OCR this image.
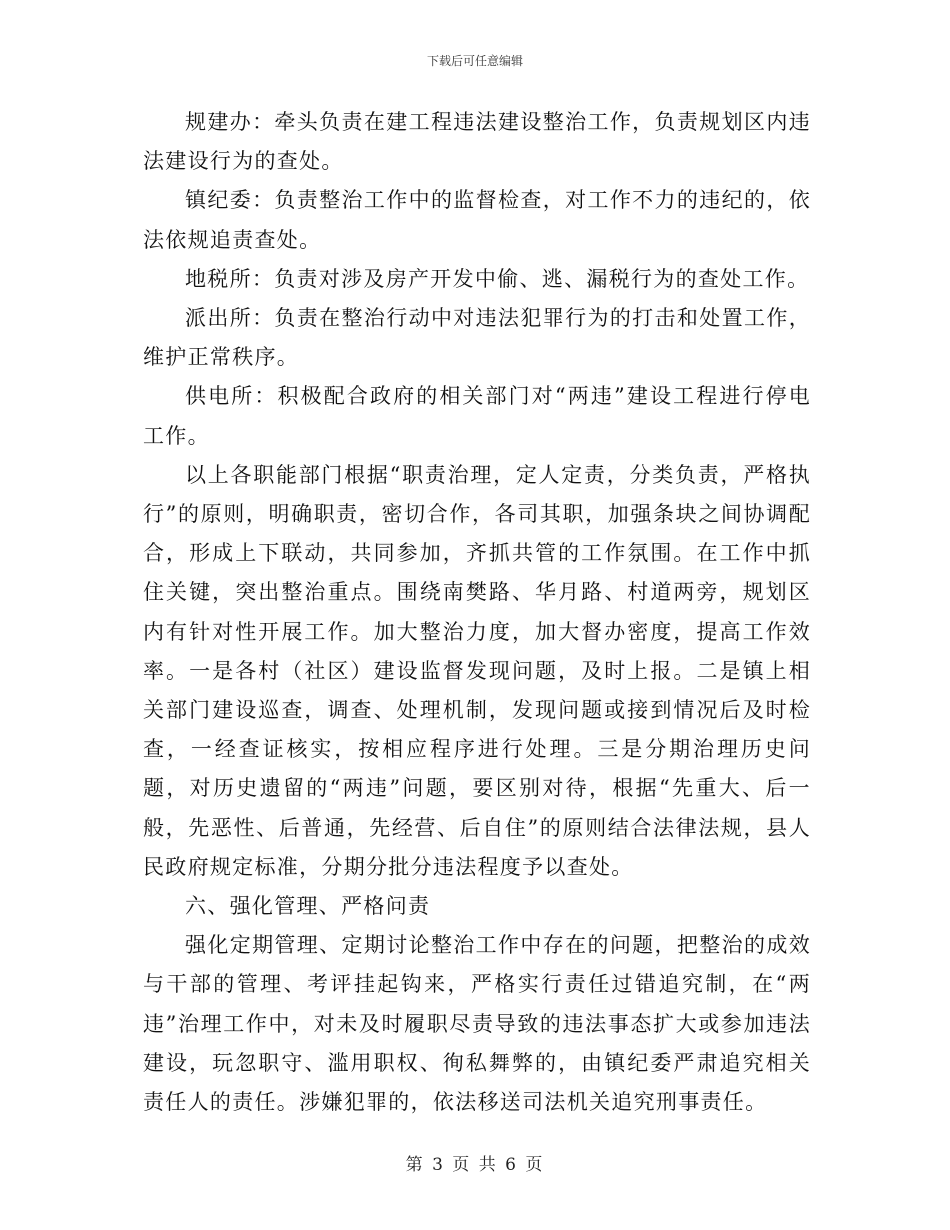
下载后可任意编辑

规建办：牵头负责在建工程违法建设整治工作，负责规划区内违法建设行为的查处。

镇纪委：负责整治工作中的监督检查，对工作不力的违纪的，依法依规追责查处。

地税所：负责对涉及房产开发中偷、逃、漏税行为的查处工作。

派出所：负责在整治行动中对违法犯罪行为的打击和处置工作，维护正常秩序。

供电所：积极配合政府的相关部门对“两违”建设工程进行停电工作。

以上各职能部门根据“职责治理，定人定责，分类负责，严格执行”的原则，明确职责，密切合作，各司其职，加强条块之间协调配合，形成上下联动，共同参加，齐抓共管的工作氛围。在工作中抓住关键，突出整治重点。围绕南樊路、华月路、村道两旁，规划区内有针对性开展工作。加大整治力度，加大督办密度，提高工作效率。一是各村（社区）建设监督发现问题，及时上报。二是镇上相关部门建设巡查，调查、处理机制，发现问题或接到情况后及时检查，一经查证核实，按相应程序进行处理。三是分期治理历史问题，对历史遗留的“两违”问题，要区别对待，根据“先重大、后一般，先恶性、后普通，先经营、后自住”的原则结合法律法规，县人民政府规定标准，分期分批分违法程度予以查处。

六、强化管理、严格问责

强化定期管理、定期讨论整治工作中存在的问题，把整治的成效与干部的管理、考评挂起钩来，严格实行责任过错追究制，在“两违”治理工作中，对未及时履职尽责导致的违法事态扩大或参加违法建设，玩忽职守、滥用职权、徇私舞弊的，由镇纪委严肃追究相关责任人的责任。涉嫌犯罪的，依法移送司法机关追究刑事责任。

第 3 页 共 6 页
